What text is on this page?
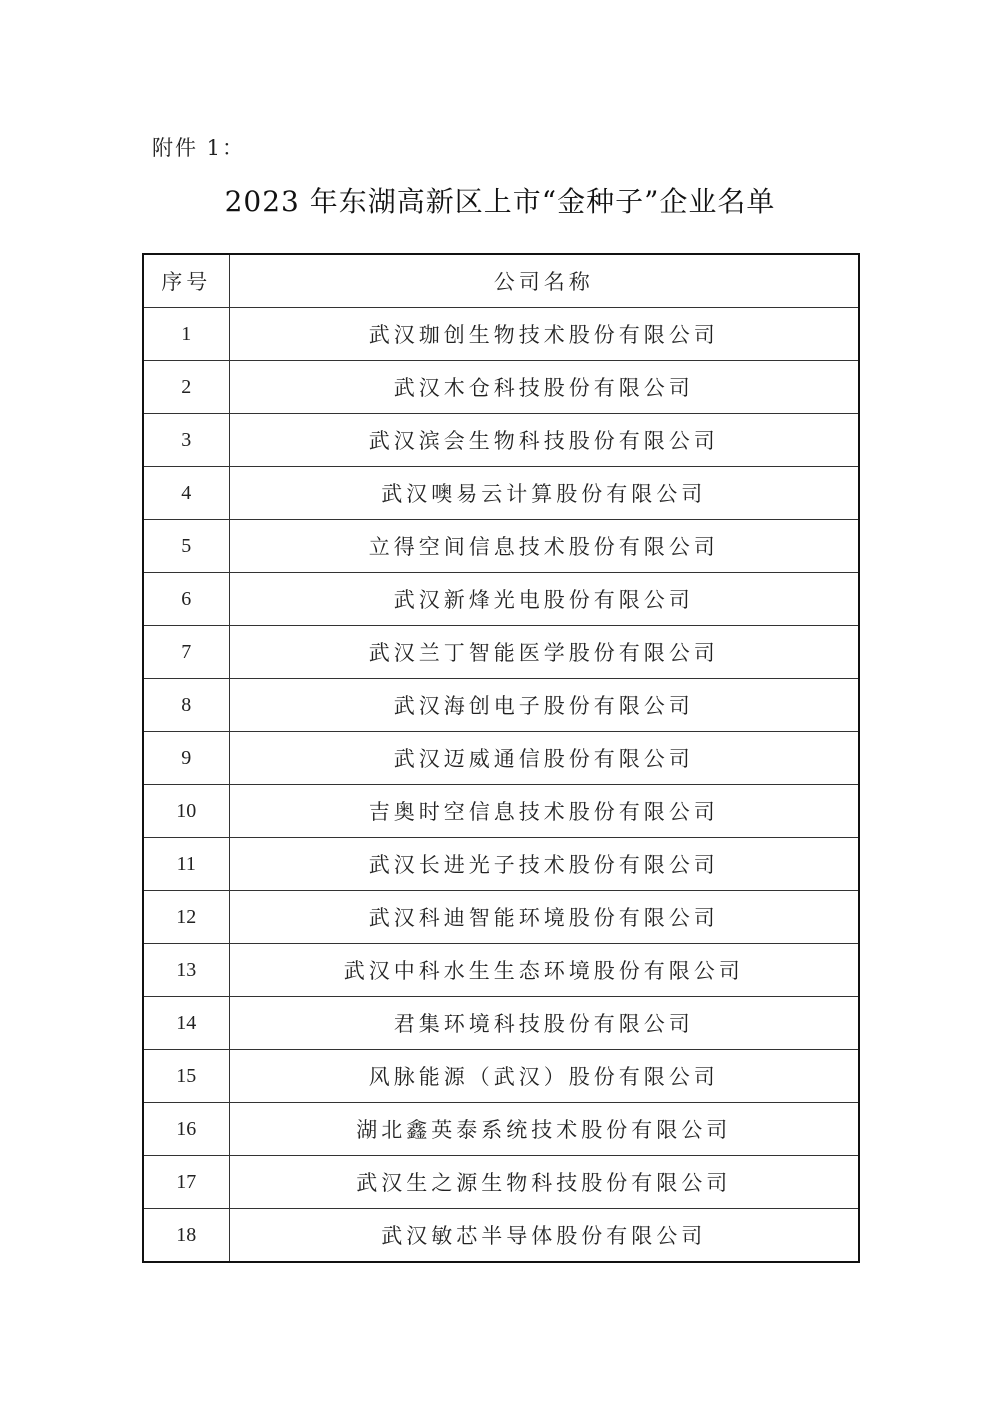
附件 1：
2023 年东湖高新区上市“金种子”企业名单
序号	公司名称
1	武汉珈创生物技术股份有限公司
2	武汉木仓科技股份有限公司
3	武汉滨会生物科技股份有限公司
4	武汉噢易云计算股份有限公司
5	立得空间信息技术股份有限公司
6	武汉新烽光电股份有限公司
7	武汉兰丁智能医学股份有限公司
8	武汉海创电子股份有限公司
9	武汉迈威通信股份有限公司
10	吉奥时空信息技术股份有限公司
11	武汉长进光子技术股份有限公司
12	武汉科迪智能环境股份有限公司
13	武汉中科水生生态环境股份有限公司
14	君集环境科技股份有限公司
15	风脉能源（武汉）股份有限公司
16	湖北鑫英泰系统技术股份有限公司
17	武汉生之源生物科技股份有限公司
18	武汉敏芯半导体股份有限公司
